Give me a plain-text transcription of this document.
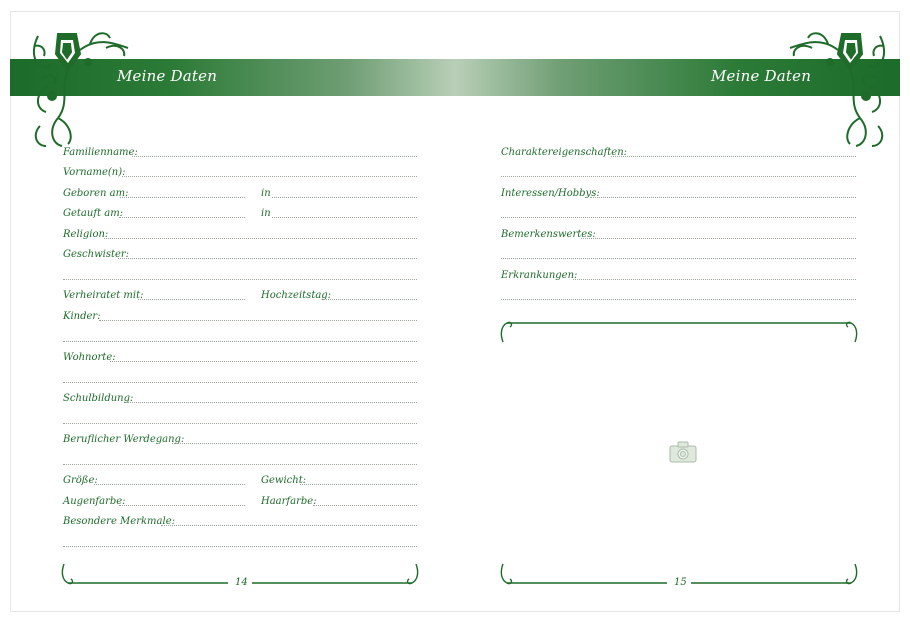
Meine Daten	Meine Daten
Familienname:
Vorname(n):
Geboren am:	in
Getauft am:	in
Religion:
Geschwister:
Verheiratet mit:	Hochzeitstag:
Kinder:
Wohnorte:
Schulbildung:
Beruflicher Werdegang:
Größe:	Gewicht:
Augenfarbe:	Haarfarbe:
Besondere Merkmale:
14
Charaktereigenschaften:
Interessen/Hobbys:
Bemerkenswertes:
Erkrankungen:
15
